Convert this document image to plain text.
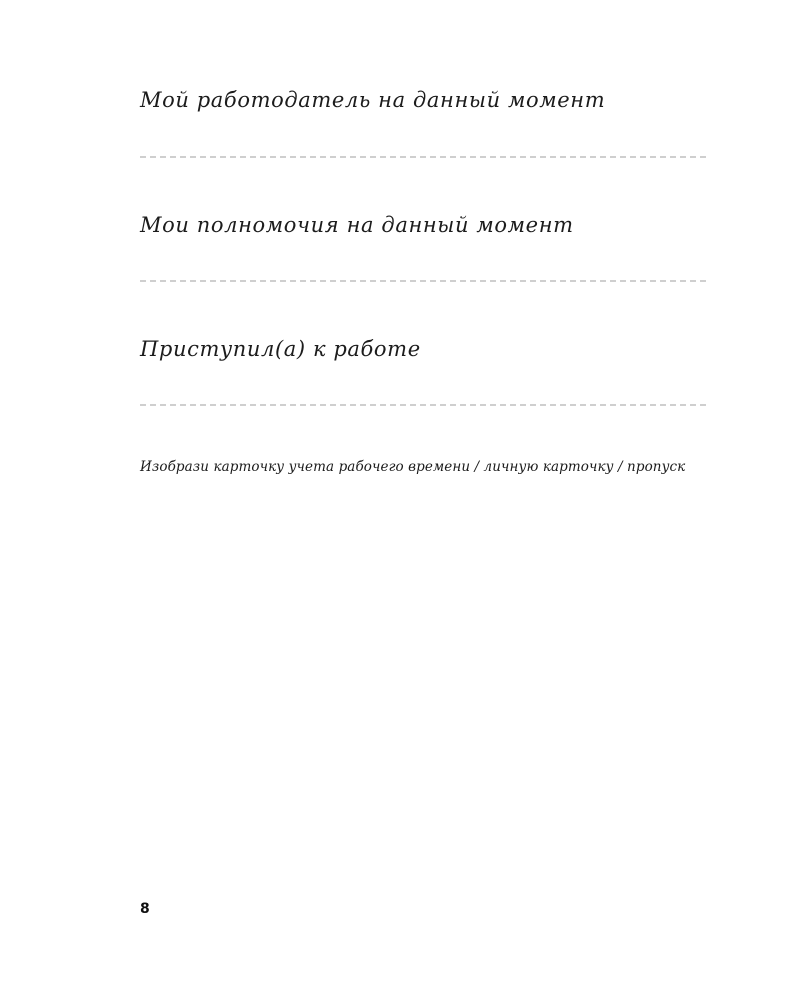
Мой работодатель на данный момент
Мои полномочия на данный момент
Приступил(а) к работе

Изобрази карточку учета рабочего времени / личную карточку / пропуск

8
